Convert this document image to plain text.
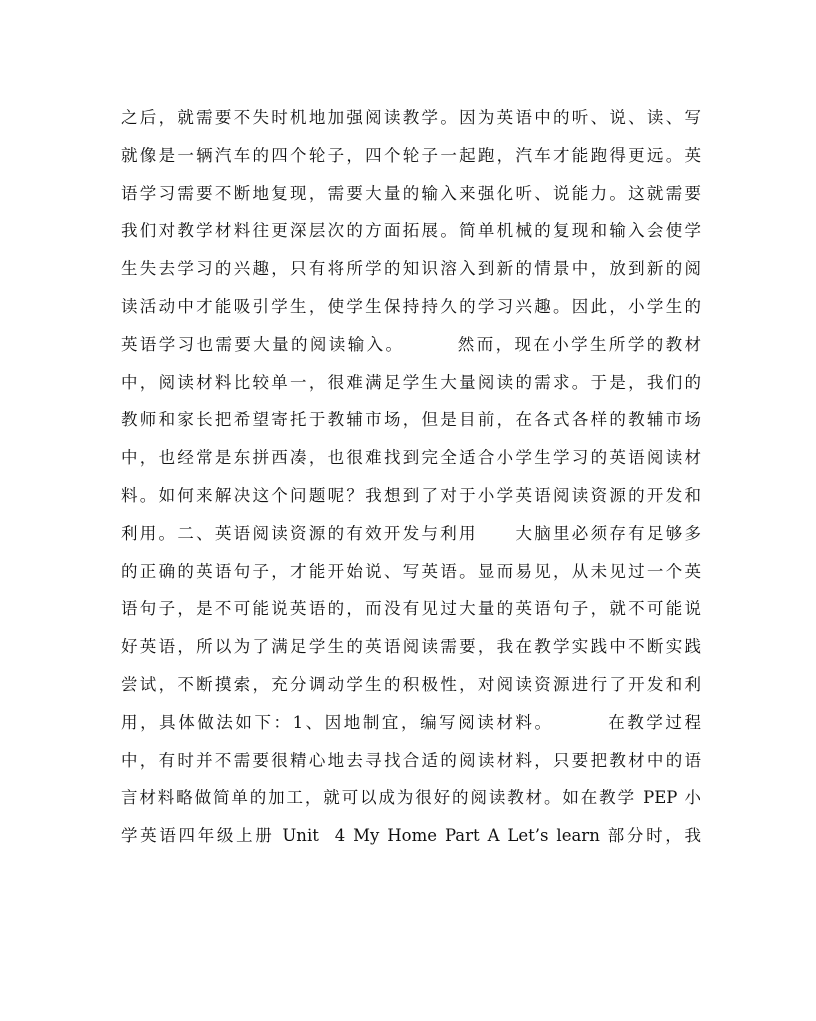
之后，就需要不失时机地加强阅读教学。因为英语中的听、说、读、写
就像是一辆汽车的四个轮子，四个轮子一起跑，汽车才能跑得更远。英
语学习需要不断地复现，需要大量的输入来强化听、说能力。这就需要
我们对教学材料往更深层次的方面拓展。简单机械的复现和输入会使学
生失去学习的兴趣，只有将所学的知识溶入到新的情景中，放到新的阅
读活动中才能吸引学生，使学生保持持久的学习兴趣。因此，小学生的
英语学习也需要大量的阅读输入。       然而，现在小学生所学的教材
中，阅读材料比较单一，很难满足学生大量阅读的需求。于是，我们的
教师和家长把希望寄托于教辅市场，但是目前，在各式各样的教辅市场
中，也经常是东拼西凑，也很难找到完全适合小学生学习的英语阅读材
料。如何来解决这个问题呢？我想到了对于小学英语阅读资源的开发和
利用。二、英语阅读资源的有效开发与利用     大脑里必须存有足够多
的正确的英语句子，才能开始说、写英语。显而易见，从未见过一个英
语句子，是不可能说英语的，而没有见过大量的英语句子，就不可能说
好英语，所以为了满足学生的英语阅读需要，我在教学实践中不断实践
尝试，不断摸索，充分调动学生的积极性，对阅读资源进行了开发和利
用，具体做法如下：1、因地制宜，编写阅读材料。       在教学过程
中，有时并不需要很精心地去寻找合适的阅读材料，只要把教材中的语
言材料略做简单的加工，就可以成为很好的阅读教材。如在教学 PEP 小
学英语四年级上册 Unit  4 My Home Part A Let’s learn 部分时，我
